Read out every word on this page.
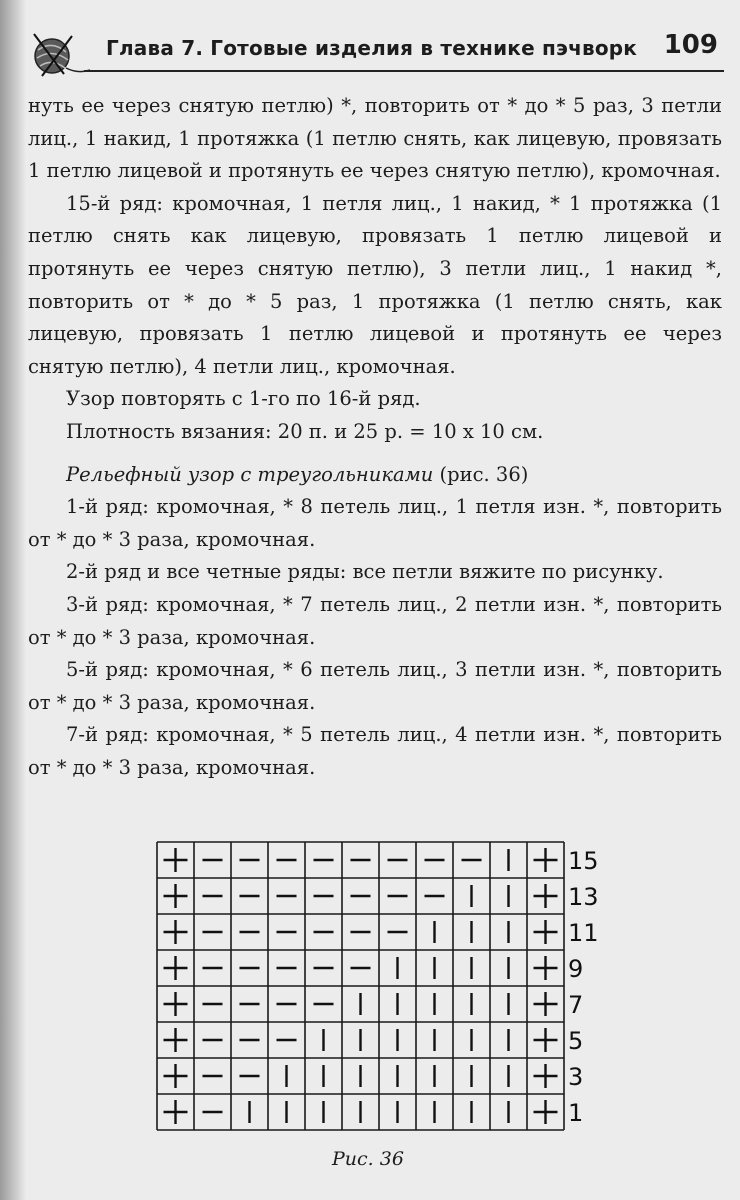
Глава 7. Готовые изделия в технике пэчворк 109

нуть ее через снятую петлю) *, повторить от * до * 5 раз, 3 петли лиц., 1 накид, 1 протяжка (1 петлю снять, как лицевую, провязать 1 петлю лицевой и протянуть ее через снятую петлю), кромочная.

15-й ряд: кромочная, 1 петля лиц., 1 накид, * 1 протяжка (1 петлю снять как лицевую, провязать 1 петлю лицевой и протянуть ее через снятую петлю), 3 петли лиц., 1 накид *, повторить от * до * 5 раз, 1 протяжка (1 петлю снять, как лицевую, провязать 1 петлю лицевой и протянуть ее через снятую петлю), 4 петли лиц., кромочная.

Узор повторять с 1-го по 16-й ряд.

Плотность вязания: 20 п. и 25 р. = 10 х 10 см.

Рельефный узор с треугольниками (рис. 36)

1-й ряд: кромочная, * 8 петель лиц., 1 петля изн. *, повторить от * до * 3 раза, кромочная.

2-й ряд и все четные ряды: все петли вяжите по рисунку.

3-й ряд: кромочная, * 7 петель лиц., 2 петли изн. *, повторить от * до * 3 раза, кромочная.

5-й ряд: кромочная, * 6 петель лиц., 3 петли изн. *, повторить от * до * 3 раза, кромочная.

7-й ряд: кромочная, * 5 петель лиц., 4 петли изн. *, повторить от * до * 3 раза, кромочная.

15
13
11
9
7
5
3
1
Рис. 36
